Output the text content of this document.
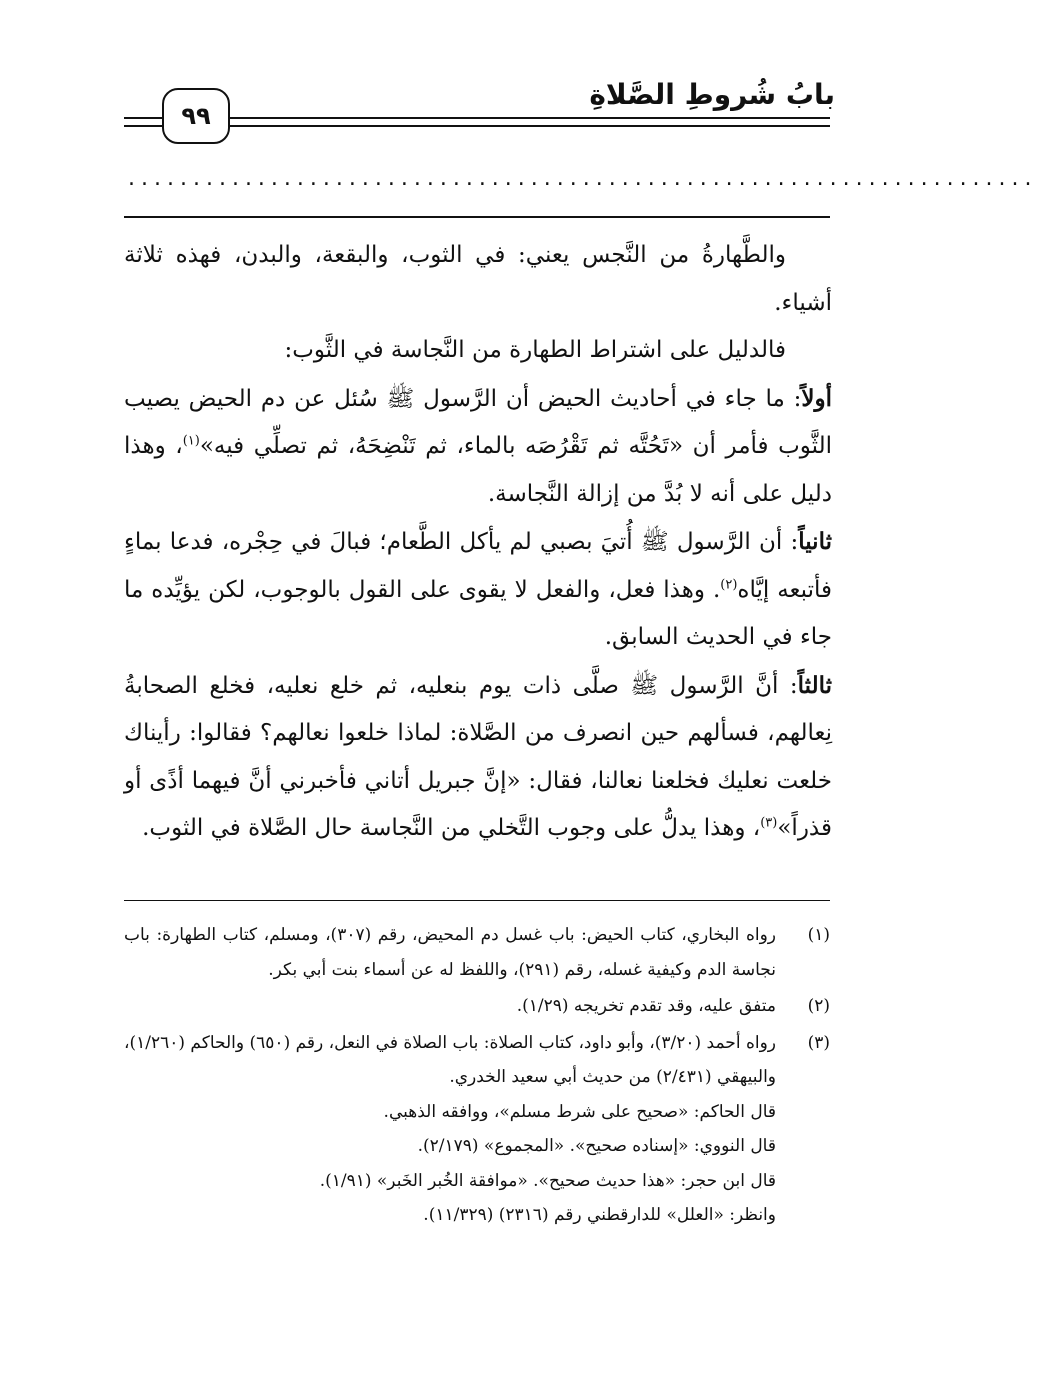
بابُ شُروطِ الصَّلاةِ
٩٩
......................................................................

والطَّهارةُ من النَّجس يعني: في الثوب، والبقعة، والبدن، فهذه ثلاثة أشياء.

فالدليل على اشتراط الطهارة من النَّجاسة في الثَّوب:

أولاً: ما جاء في أحاديث الحيض أن الرَّسول ﷺ سُئل عن دم الحيض يصيب الثَّوب فأمر أن «تَحُتَّه ثم تَقْرُصَه بالماء، ثم تَنْضِحَهُ، ثم تصلِّي فيه»$^{(١)}$، وهذا دليل على أنه لا بُدَّ من إزالة النَّجاسة.

ثانياً: أن الرَّسول ﷺ أُتيَ بصبي لم يأكل الطَّعام؛ فبالَ في حِجْره، فدعا بماءٍ فأتبعه إيَّاه$^{(٢)}$. وهذا فعل، والفعل لا يقوى على القول بالوجوب، لكن يؤيِّده ما جاء في الحديث السابق.

ثالثاً: أنَّ الرَّسول ﷺ صلَّى ذات يوم بنعليه، ثم خلع نعليه، فخلع الصحابةُ نِعالهم، فسألهم حين انصرف من الصَّلاة: لماذا خلعوا نعالهم؟ فقالوا: رأيناك خلعت نعليك فخلعنا نعالنا، فقال: «إنَّ جبريل أتاني فأخبرني أنَّ فيهما أذًى أو قذراً»$^{(٣)}$، وهذا يدلُّ على وجوب التَّخلي من النَّجاسة حال الصَّلاة في الثوب.

(١)
رواه البخاري، كتاب الحيض: باب غسل دم المحيض، رقم (٣٠٧)، ومسلم، كتاب الطهارة: باب نجاسة الدم وكيفية غسله، رقم (٢٩١)، واللفظ له عن أسماء بنت أبي بكر.
(٢)
متفق عليه، وقد تقدم تخريجه (١/٢٩).
(٣)
رواه أحمد (٣/٢٠)، وأبو داود، كتاب الصلاة: باب الصلاة في النعل، رقم (٦٥٠) والحاكم (١/٢٦٠)، والبيهقي (٢/٤٣١) من حديث أبي سعيد الخدري.
قال الحاكم: «صحيح على شرط مسلم»، ووافقه الذهبي.
قال النووي: «إسناده صحيح». «المجموع» (٢/١٧٩).
قال ابن حجر: «هذا حديث صحيح». «موافقة الخُبر الخَبر» (١/٩١).
وانظر: «العلل» للدارقطني رقم (٢٣١٦) (١١/٣٢٩).
